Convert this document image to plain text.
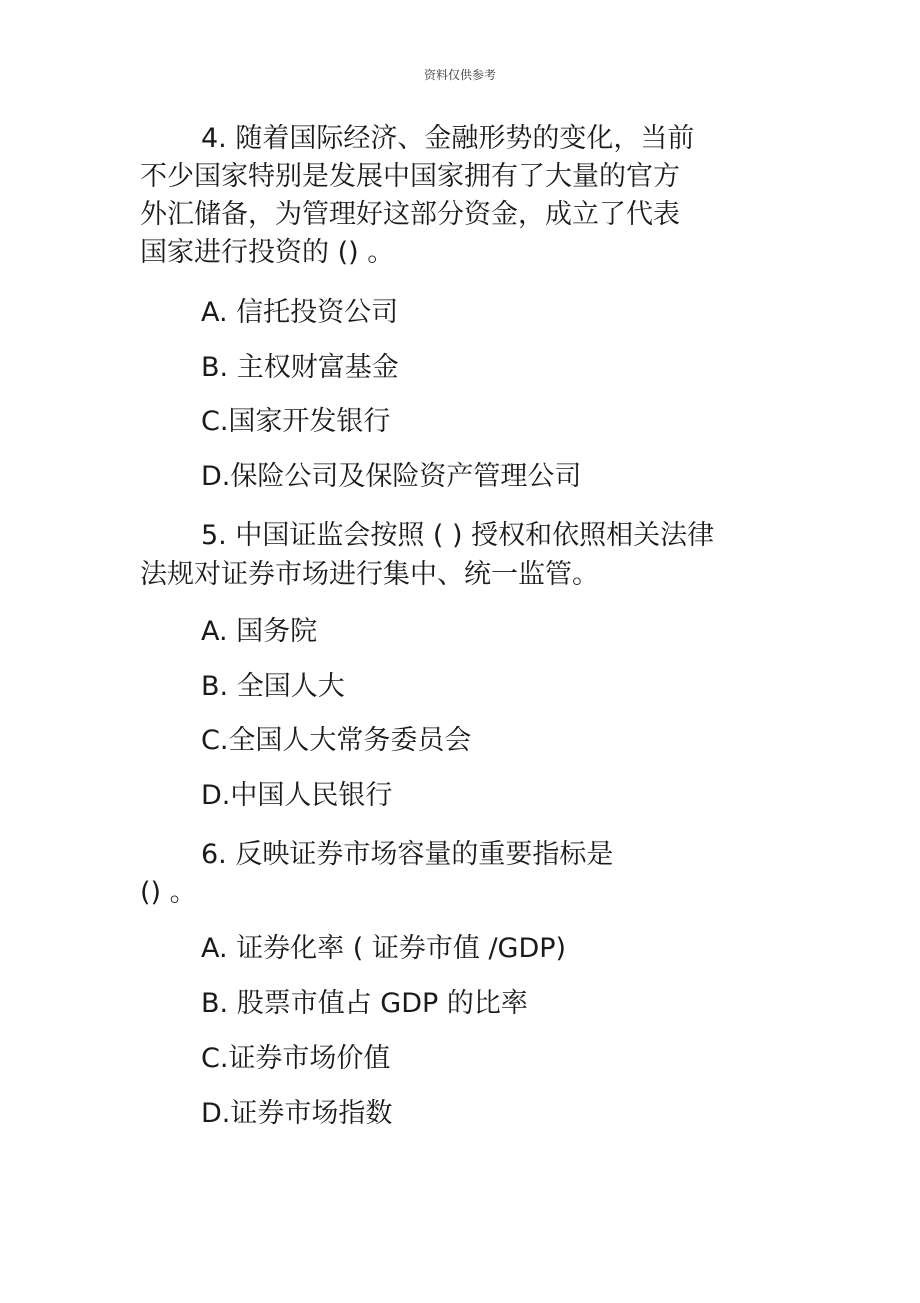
资料仅供参考
4. 随着国际经济、金融形势的变化，当前
不少国家特别是发展中国家拥有了大量的官方
外汇储备，为管理好这部分资金，成立了代表
国家进行投资的 () 。
A. 信托投资公司
B. 主权财富基金
C.国家开发银行
D.保险公司及保险资产管理公司
5. 中国证监会按照 ( ) 授权和依照相关法律
法规对证券市场进行集中、统一监管。
A. 国务院
B. 全国人大
C.全国人大常务委员会
D.中国人民银行
6. 反映证券市场容量的重要指标是
() 。
A. 证券化率 ( 证券市值 /GDP)
B. 股票市值占 GDP 的比率
C.证券市场价值
D.证券市场指数
